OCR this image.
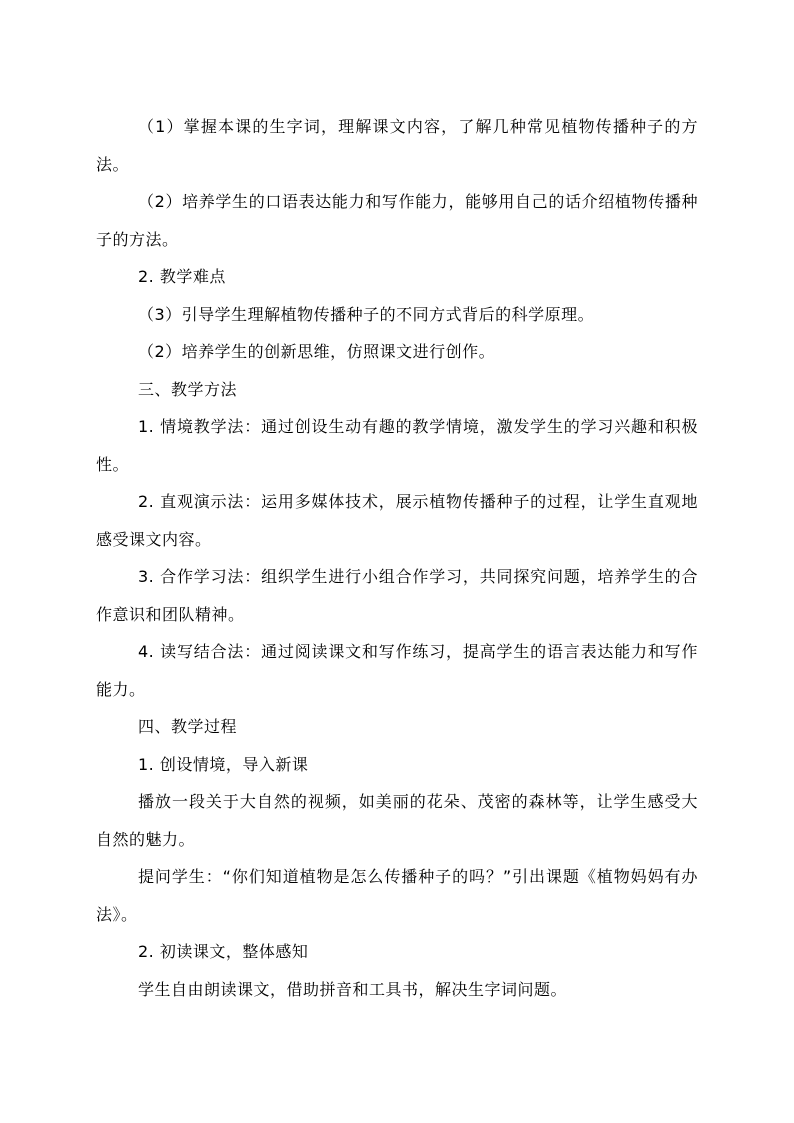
（1）掌握本课的生字词，理解课文内容，了解几种常见植物传播种子的方法。

（2）培养学生的口语表达能力和写作能力，能够用自己的话介绍植物传播种子的方法。

2. 教学难点

（3）引导学生理解植物传播种子的不同方式背后的科学原理。

（2）培养学生的创新思维，仿照课文进行创作。

三、教学方法

1. 情境教学法：通过创设生动有趣的教学情境，激发学生的学习兴趣和积极性。

2. 直观演示法：运用多媒体技术，展示植物传播种子的过程，让学生直观地感受课文内容。

3. 合作学习法：组织学生进行小组合作学习，共同探究问题，培养学生的合作意识和团队精神。

4. 读写结合法：通过阅读课文和写作练习，提高学生的语言表达能力和写作能力。

四、教学过程

1. 创设情境，导入新课

播放一段关于大自然的视频，如美丽的花朵、茂密的森林等，让学生感受大自然的魅力。

提问学生：“你们知道植物是怎么传播种子的吗？”引出课题《植物妈妈有办法》。

2. 初读课文，整体感知

学生自由朗读课文，借助拼音和工具书，解决生字词问题。
